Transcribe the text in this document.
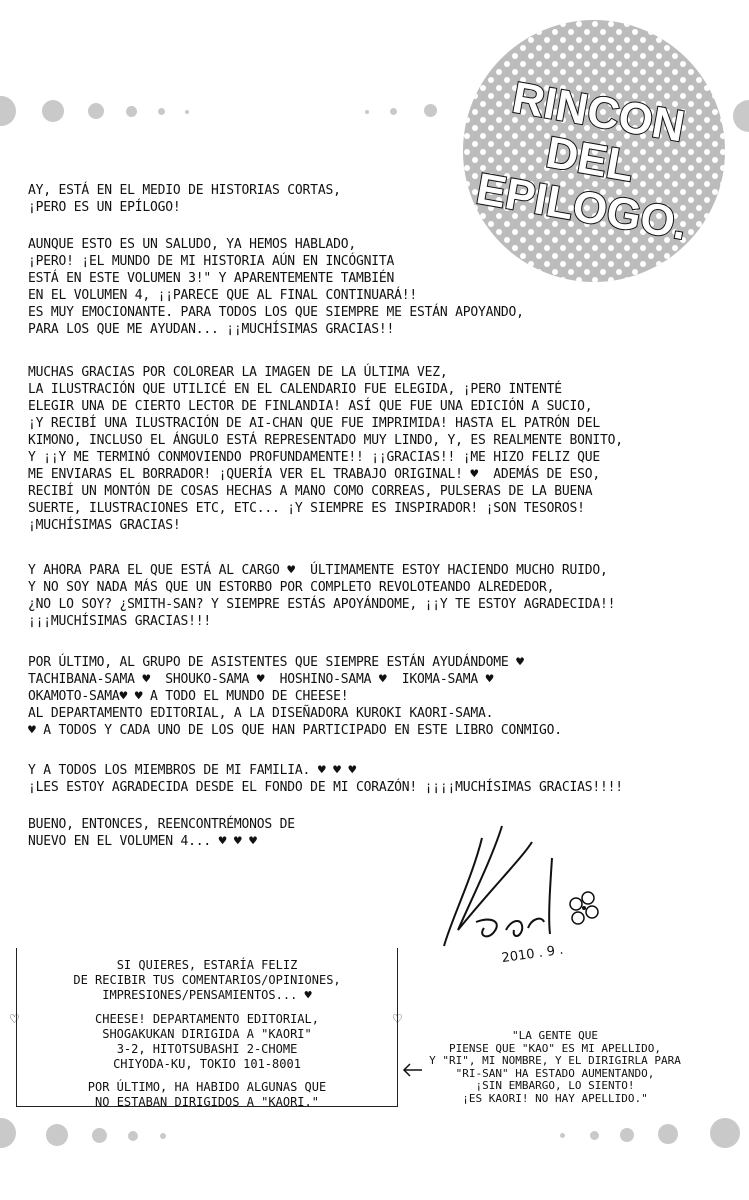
RINCON DEL EPILOGO.
AY, ESTÁ EN EL MEDIO DE HISTORIAS CORTAS,
¡PERO ES UN EPÍLOGO!
AUNQUE ESTO ES UN SALUDO, YA HEMOS HABLADO,
¡PERO! ¡EL MUNDO DE MI HISTORIA AÚN EN INCÓGNITA
ESTÁ EN ESTE VOLUMEN 3!" Y APARENTEMENTE TAMBIÉN
EN EL VOLUMEN 4, ¡¡PARECE QUE AL FINAL CONTINUARÁ!!
ES MUY EMOCIONANTE. PARA TODOS LOS QUE SIEMPRE ME ESTÁN APOYANDO,
PARA LOS QUE ME AYUDAN... ¡¡MUCHÍSIMAS GRACIAS!!
MUCHAS GRACIAS POR COLOREAR LA IMAGEN DE LA ÚLTIMA VEZ,
LA ILUSTRACIÓN QUE UTILICÉ EN EL CALENDARIO FUE ELEGIDA, ¡PERO INTENTÉ
ELEGIR UNA DE CIERTO LECTOR DE FINLANDIA! ASÍ QUE FUE UNA EDICIÓN A SUCIO,
¡Y RECIBÍ UNA ILUSTRACIÓN DE AI-CHAN QUE FUE IMPRIMIDA! HASTA EL PATRÓN DEL
KIMONO, INCLUSO EL ÁNGULO ESTÁ REPRESENTADO MUY LINDO, Y, ES REALMENTE BONITO,
Y ¡¡Y ME TERMINÓ CONMOVIENDO PROFUNDAMENTE!! ¡¡GRACIAS!! ¡ME HIZO FELIZ QUE
ME ENVIARAS EL BORRADOR! ¡QUERÍA VER EL TRABAJO ORIGINAL! ♥  ADEMÁS DE ESO,
RECIBÍ UN MONTÓN DE COSAS HECHAS A MANO COMO CORREAS, PULSERAS DE LA BUENA
SUERTE, ILUSTRACIONES ETC, ETC... ¡Y SIEMPRE ES INSPIRADOR! ¡SON TESOROS!
¡MUCHÍSIMAS GRACIAS!
Y AHORA PARA EL QUE ESTÁ AL CARGO ♥  ÚLTIMAMENTE ESTOY HACIENDO MUCHO RUIDO,
Y NO SOY NADA MÁS QUE UN ESTORBO POR COMPLETO REVOLOTEANDO ALREDEDOR,
¿NO LO SOY? ¿SMITH-SAN? Y SIEMPRE ESTÁS APOYÁNDOME, ¡¡Y TE ESTOY AGRADECIDA!!
¡¡¡MUCHÍSIMAS GRACIAS!!!
POR ÚLTIMO, AL GRUPO DE ASISTENTES QUE SIEMPRE ESTÁN AYUDÁNDOME ♥
TACHIBANA-SAMA ♥  SHOUKO-SAMA ♥  HOSHINO-SAMA ♥  IKOMA-SAMA ♥
OKAMOTO-SAMA♥ ♥ A TODO EL MUNDO DE CHEESE!
AL DEPARTAMENTO EDITORIAL, A LA DISEÑADORA KUROKI KAORI-SAMA.
♥ A TODOS Y CADA UNO DE LOS QUE HAN PARTICIPADO EN ESTE LIBRO CONMIGO.
Y A TODOS LOS MIEMBROS DE MI FAMILIA. ♥ ♥ ♥
¡LES ESTOY AGRADECIDA DESDE EL FONDO DE MI CORAZÓN! ¡¡¡¡MUCHÍSIMAS GRACIAS!!!!
BUENO, ENTONCES, REENCONTRÉMONOS DE
NUEVO EN EL VOLUMEN 4... ♥ ♥ ♥
2010 . 9 .
♡	♡
SI QUIERES, ESTARÍA FELIZ
DE RECIBIR TUS COMENTARIOS/OPINIONES,
IMPRESIONES/PENSAMIENTOS... ♥
CHEESE! DEPARTAMENTO EDITORIAL,
SHOGAKUKAN DIRIGIDA A "KAORI"
3-2, HITOTSUBASHI 2-CHOME
CHIYODA-KU, TOKIO 101-8001
POR ÚLTIMO, HA HABIDO ALGUNAS QUE
NO ESTABAN DIRIGIDOS A "KAORI."
"LA GENTE QUE
PIENSE QUE "KAO" ES MI APELLIDO,
Y "RI", MI NOMBRE, Y EL DIRIGIRLA PARA
"RI-SAN" HA ESTADO AUMENTANDO,
¡SIN EMBARGO, LO SIENTO!
¡ES KAORI! NO HAY APELLIDO."
